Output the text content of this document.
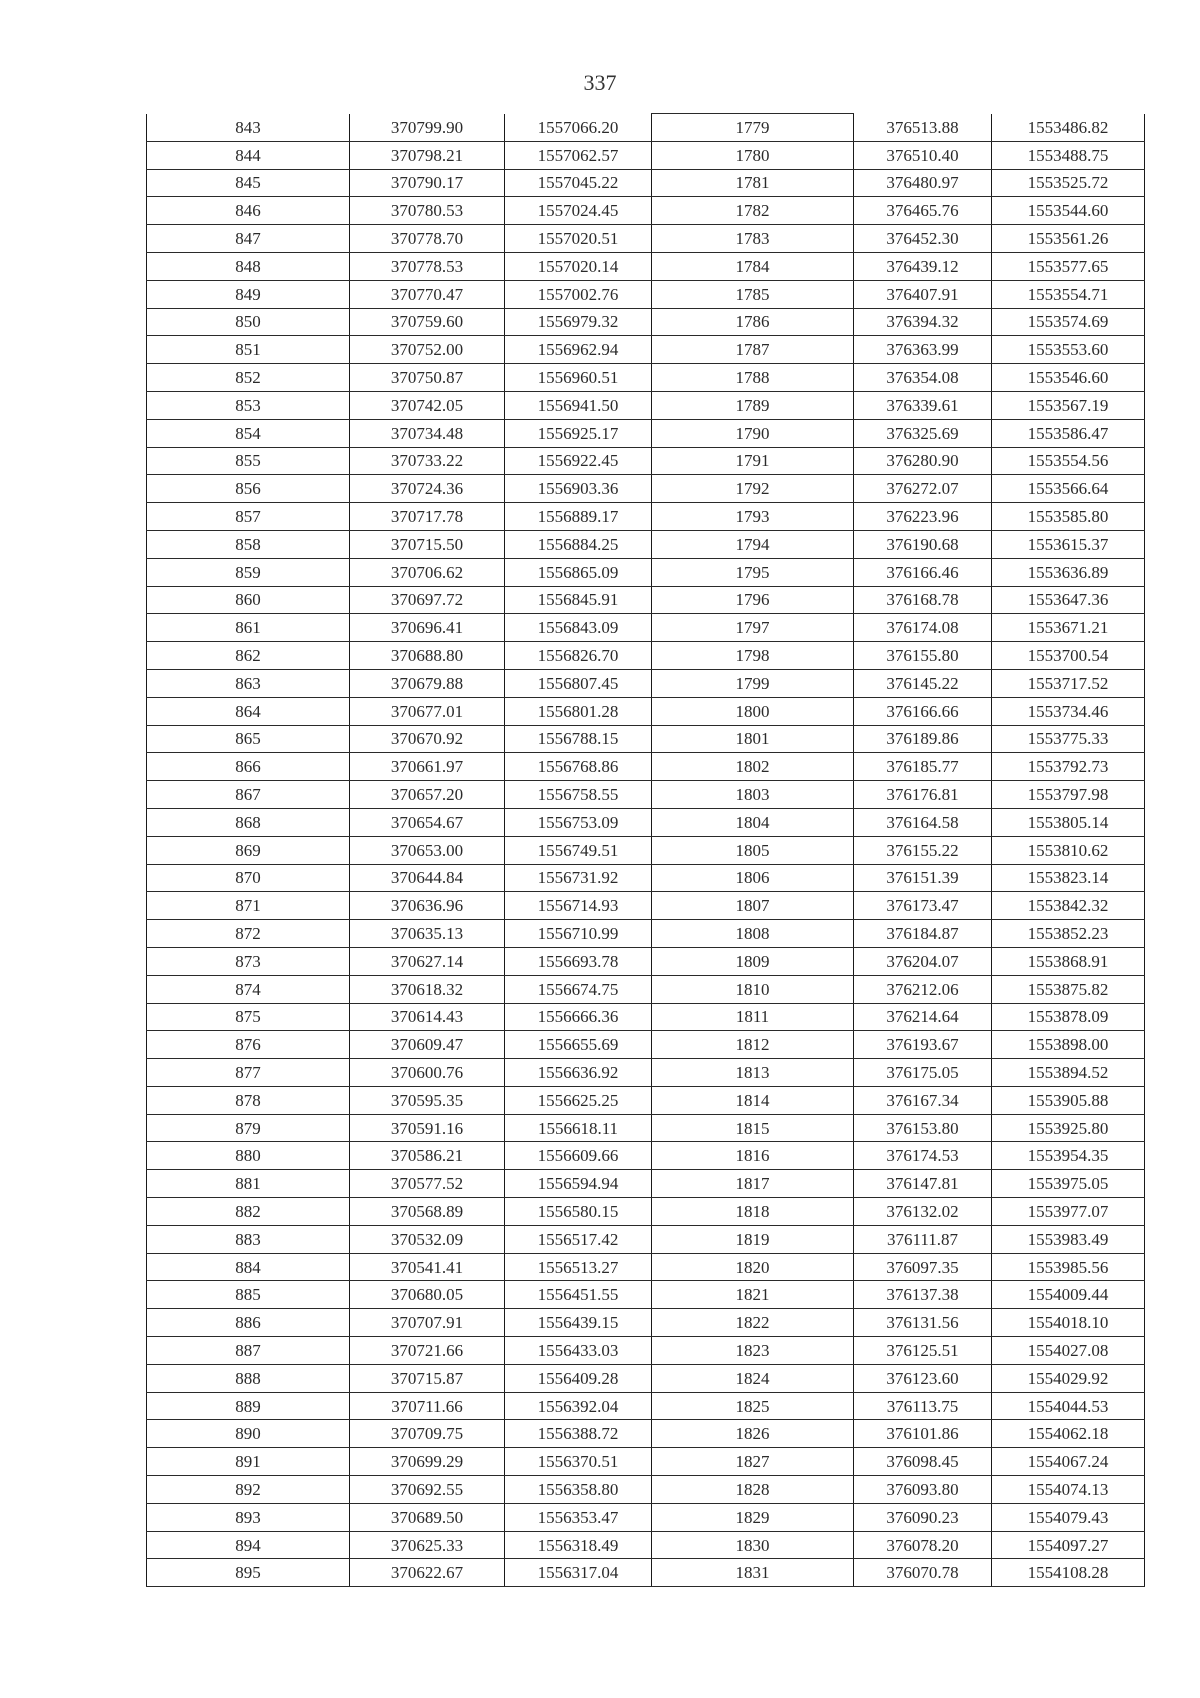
337
843	370799.90	1557066.20	1779	376513.88	1553486.82
844	370798.21	1557062.57	1780	376510.40	1553488.75
845	370790.17	1557045.22	1781	376480.97	1553525.72
846	370780.53	1557024.45	1782	376465.76	1553544.60
847	370778.70	1557020.51	1783	376452.30	1553561.26
848	370778.53	1557020.14	1784	376439.12	1553577.65
849	370770.47	1557002.76	1785	376407.91	1553554.71
850	370759.60	1556979.32	1786	376394.32	1553574.69
851	370752.00	1556962.94	1787	376363.99	1553553.60
852	370750.87	1556960.51	1788	376354.08	1553546.60
853	370742.05	1556941.50	1789	376339.61	1553567.19
854	370734.48	1556925.17	1790	376325.69	1553586.47
855	370733.22	1556922.45	1791	376280.90	1553554.56
856	370724.36	1556903.36	1792	376272.07	1553566.64
857	370717.78	1556889.17	1793	376223.96	1553585.80
858	370715.50	1556884.25	1794	376190.68	1553615.37
859	370706.62	1556865.09	1795	376166.46	1553636.89
860	370697.72	1556845.91	1796	376168.78	1553647.36
861	370696.41	1556843.09	1797	376174.08	1553671.21
862	370688.80	1556826.70	1798	376155.80	1553700.54
863	370679.88	1556807.45	1799	376145.22	1553717.52
864	370677.01	1556801.28	1800	376166.66	1553734.46
865	370670.92	1556788.15	1801	376189.86	1553775.33
866	370661.97	1556768.86	1802	376185.77	1553792.73
867	370657.20	1556758.55	1803	376176.81	1553797.98
868	370654.67	1556753.09	1804	376164.58	1553805.14
869	370653.00	1556749.51	1805	376155.22	1553810.62
870	370644.84	1556731.92	1806	376151.39	1553823.14
871	370636.96	1556714.93	1807	376173.47	1553842.32
872	370635.13	1556710.99	1808	376184.87	1553852.23
873	370627.14	1556693.78	1809	376204.07	1553868.91
874	370618.32	1556674.75	1810	376212.06	1553875.82
875	370614.43	1556666.36	1811	376214.64	1553878.09
876	370609.47	1556655.69	1812	376193.67	1553898.00
877	370600.76	1556636.92	1813	376175.05	1553894.52
878	370595.35	1556625.25	1814	376167.34	1553905.88
879	370591.16	1556618.11	1815	376153.80	1553925.80
880	370586.21	1556609.66	1816	376174.53	1553954.35
881	370577.52	1556594.94	1817	376147.81	1553975.05
882	370568.89	1556580.15	1818	376132.02	1553977.07
883	370532.09	1556517.42	1819	376111.87	1553983.49
884	370541.41	1556513.27	1820	376097.35	1553985.56
885	370680.05	1556451.55	1821	376137.38	1554009.44
886	370707.91	1556439.15	1822	376131.56	1554018.10
887	370721.66	1556433.03	1823	376125.51	1554027.08
888	370715.87	1556409.28	1824	376123.60	1554029.92
889	370711.66	1556392.04	1825	376113.75	1554044.53
890	370709.75	1556388.72	1826	376101.86	1554062.18
891	370699.29	1556370.51	1827	376098.45	1554067.24
892	370692.55	1556358.80	1828	376093.80	1554074.13
893	370689.50	1556353.47	1829	376090.23	1554079.43
894	370625.33	1556318.49	1830	376078.20	1554097.27
895	370622.67	1556317.04	1831	376070.78	1554108.28
